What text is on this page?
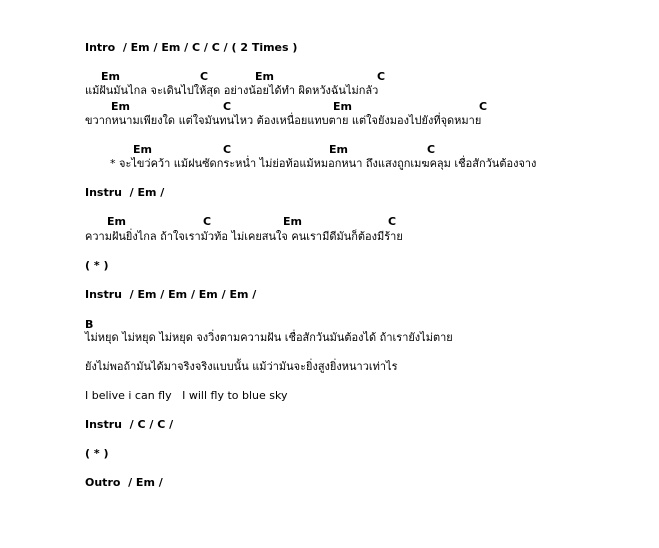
Intro  / Em / Em / C / C / ( 2 Times )
Em	C	Em	C
แม้ฝันมันไกล จะเดินไปให้สุด อย่างน้อยได้ทำ ผิดหวังฉันไม่กลัว
Em	C	Em	C
ขวากหนามเพียงใด แต่ใจมันทนไหว ต้องเหนื่อยแทบตาย แต่ใจยังมองไปยังที่จุดหมาย
Em	C	Em	C
* จะไขว่คว้า แม้ฝนซัดกระหน่ำ ไม่ย่อท้อแม้หมอกหนา ถึงแสงถูกเมฆคลุม เชื่อสักวันต้องจาง
Instru  / Em /
Em	C	Em	C
ความฝันยิ่งไกล ถ้าใจเรามัวท้อ ไม่เคยสนใจ คนเรามีดีมันก็ต้องมีร้าย
( * )
Instru  / Em / Em / Em / Em /
B
ไม่หยุด ไม่หยุด ไม่หยุด จงวิ่งตามความฝัน เชื่อสักวันมันต้องได้ ถ้าเรายังไม่ตาย
ยังไม่พอถ้ามันได้มาจริงจริงแบบนั้น แม้ว่ามันจะยิ่งสูงยิ่งหนาวเท่าไร
I belive i can fly   I will fly to blue sky
Instru  / C / C /
( * )
Outro  / Em /
